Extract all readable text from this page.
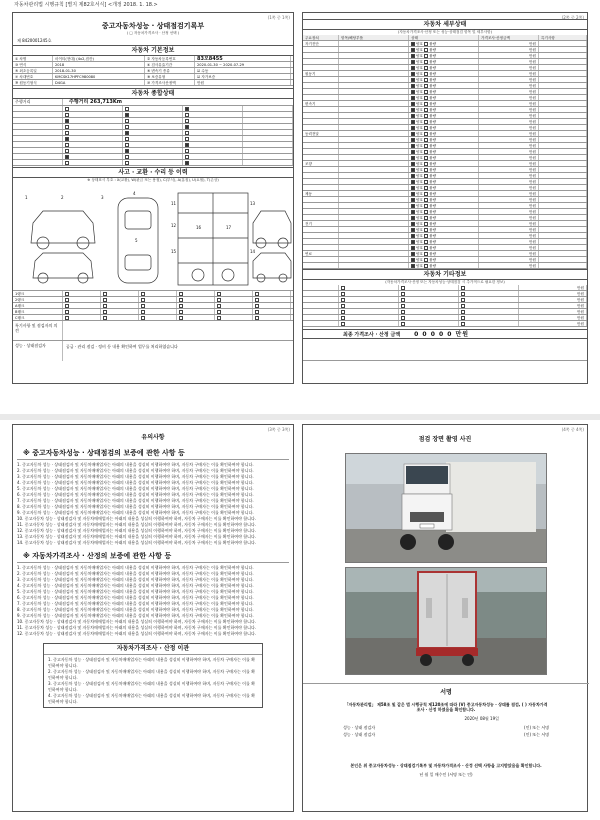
자동차관리법 시행규칙 [별지 제82호서식] <개정 2018. 1. 18.>
(1쪽 중 1쪽)
중고자동차성능 · 상태점검기록부
( □ 자동차가격조사 · 산정 선택 )
제 8420001245호
자동차 기본정보
① 차명	마이티(현대) (4x2,짐칸)	② 자동차등록번호	83모8455
③ 연식	2018	④ 검사유효기간	2020-01-30 ~ 2020-07-29
⑤ 최초등록일	2018-01-30	⑥ 변속기 종류	☑ 수동
⑦ 차대번호	KMCSK17HPFC980080	⑧ 보증유형	☑ 자가보증
⑨ 원동기형식	D4GA	⑩ 가격조사산정액	만원
자동차 종합상태
주행거리	주행거리 263,713Km
사고 · 교환 · 수리 등 이력
※ 상태표시 부호 : X(교환), W(판금 또는 용접), C(부식), A(흠집), U(요철), T(손상)
1	2	3
4
5
11
12
15
16	17
13
14
1랭크
2랭크
A랭크
B랭크
C랭크
특기사항 및 점검자의 의견
성능 · 상태점검자	공급 · 관리 점검 · 정비 등 내용 확인하여 업무를 처리하였습니다
(2쪽 중 2쪽)
자동차 세부상태
(자동차가격조사·산정 또는 성능·상태점검 항목 및 세부사항)
주요장치	항목/해당부품	상태	가격조사·산정금액	특기사항
자기진단	양호 불량	만원
양호 불량	만원
양호 불량	만원
양호 불량	만원
양호 불량	만원
원동기	양호 불량	만원
양호 불량	만원
양호 불량	만원
양호 불량	만원
양호 불량	만원
변속기	양호 불량	만원
양호 불량	만원
양호 불량	만원
양호 불량	만원
양호 불량	만원
동력전달	양호 불량	만원
양호 불량	만원
양호 불량	만원
양호 불량	만원
양호 불량	만원
조향	양호 불량	만원
양호 불량	만원
양호 불량	만원
양호 불량	만원
양호 불량	만원
제동	양호 불량	만원
양호 불량	만원
양호 불량	만원
양호 불량	만원
양호 불량	만원
전기	양호 불량	만원
양호 불량	만원
양호 불량	만원
양호 불량	만원
양호 불량	만원
연료	양호 불량	만원
양호 불량	만원
양호 불량	만원
자동차 기타정보
(자동차가격조사·산정 또는 자동차성능·상태점검 시 추가적으로 필요한 정보)
만원
만원
만원
만원
만원
만원
만원
최종 가격조사 · 산정 금액	0 0 0 0 0 만원
(3쪽 중 3쪽)
유의사항
※ 중고자동차성능 · 상태점검의 보증에 관한 사항 등
1. 중고자동차 성능 · 상태점검자 및 자동차매매업자는 아래의 내용을 성실히 이행하여야 하며, 자동차 구매자는 이를 확인하여야 합니다.
2. 중고자동차 성능 · 상태점검자 및 자동차매매업자는 아래의 내용을 성실히 이행하여야 하며, 자동차 구매자는 이를 확인하여야 합니다.
3. 중고자동차 성능 · 상태점검자 및 자동차매매업자는 아래의 내용을 성실히 이행하여야 하며, 자동차 구매자는 이를 확인하여야 합니다.
4. 중고자동차 성능 · 상태점검자 및 자동차매매업자는 아래의 내용을 성실히 이행하여야 하며, 자동차 구매자는 이를 확인하여야 합니다.
5. 중고자동차 성능 · 상태점검자 및 자동차매매업자는 아래의 내용을 성실히 이행하여야 하며, 자동차 구매자는 이를 확인하여야 합니다.
6. 중고자동차 성능 · 상태점검자 및 자동차매매업자는 아래의 내용을 성실히 이행하여야 하며, 자동차 구매자는 이를 확인하여야 합니다.
7. 중고자동차 성능 · 상태점검자 및 자동차매매업자는 아래의 내용을 성실히 이행하여야 하며, 자동차 구매자는 이를 확인하여야 합니다.
8. 중고자동차 성능 · 상태점검자 및 자동차매매업자는 아래의 내용을 성실히 이행하여야 하며, 자동차 구매자는 이를 확인하여야 합니다.
9. 중고자동차 성능 · 상태점검자 및 자동차매매업자는 아래의 내용을 성실히 이행하여야 하며, 자동차 구매자는 이를 확인하여야 합니다.
10. 중고자동차 성능 · 상태점검자 및 자동차매매업자는 아래의 내용을 성실히 이행하여야 하며, 자동차 구매자는 이를 확인하여야 합니다.
11. 중고자동차 성능 · 상태점검자 및 자동차매매업자는 아래의 내용을 성실히 이행하여야 하며, 자동차 구매자는 이를 확인하여야 합니다.
12. 중고자동차 성능 · 상태점검자 및 자동차매매업자는 아래의 내용을 성실히 이행하여야 하며, 자동차 구매자는 이를 확인하여야 합니다.
13. 중고자동차 성능 · 상태점검자 및 자동차매매업자는 아래의 내용을 성실히 이행하여야 하며, 자동차 구매자는 이를 확인하여야 합니다.
14. 중고자동차 성능 · 상태점검자 및 자동차매매업자는 아래의 내용을 성실히 이행하여야 하며, 자동차 구매자는 이를 확인하여야 합니다.
※ 자동차가격조사 · 산정의 보증에 관한 사항 등
1. 중고자동차 성능 · 상태점검자 및 자동차매매업자는 아래의 내용을 성실히 이행하여야 하며, 자동차 구매자는 이를 확인하여야 합니다.
2. 중고자동차 성능 · 상태점검자 및 자동차매매업자는 아래의 내용을 성실히 이행하여야 하며, 자동차 구매자는 이를 확인하여야 합니다.
3. 중고자동차 성능 · 상태점검자 및 자동차매매업자는 아래의 내용을 성실히 이행하여야 하며, 자동차 구매자는 이를 확인하여야 합니다.
4. 중고자동차 성능 · 상태점검자 및 자동차매매업자는 아래의 내용을 성실히 이행하여야 하며, 자동차 구매자는 이를 확인하여야 합니다.
5. 중고자동차 성능 · 상태점검자 및 자동차매매업자는 아래의 내용을 성실히 이행하여야 하며, 자동차 구매자는 이를 확인하여야 합니다.
6. 중고자동차 성능 · 상태점검자 및 자동차매매업자는 아래의 내용을 성실히 이행하여야 하며, 자동차 구매자는 이를 확인하여야 합니다.
7. 중고자동차 성능 · 상태점검자 및 자동차매매업자는 아래의 내용을 성실히 이행하여야 하며, 자동차 구매자는 이를 확인하여야 합니다.
8. 중고자동차 성능 · 상태점검자 및 자동차매매업자는 아래의 내용을 성실히 이행하여야 하며, 자동차 구매자는 이를 확인하여야 합니다.
9. 중고자동차 성능 · 상태점검자 및 자동차매매업자는 아래의 내용을 성실히 이행하여야 하며, 자동차 구매자는 이를 확인하여야 합니다.
10. 중고자동차 성능 · 상태점검자 및 자동차매매업자는 아래의 내용을 성실히 이행하여야 하며, 자동차 구매자는 이를 확인하여야 합니다.
11. 중고자동차 성능 · 상태점검자 및 자동차매매업자는 아래의 내용을 성실히 이행하여야 하며, 자동차 구매자는 이를 확인하여야 합니다.
12. 중고자동차 성능 · 상태점검자 및 자동차매매업자는 아래의 내용을 성실히 이행하여야 하며, 자동차 구매자는 이를 확인하여야 합니다.
자동차가격조사 · 산정 이관
1. 중고자동차 성능 · 상태점검자 및 자동차매매업자는 아래의 내용을 성실히 이행하여야 하며, 자동차 구매자는 이를 확인하여야 합니다.
2. 중고자동차 성능 · 상태점검자 및 자동차매매업자는 아래의 내용을 성실히 이행하여야 하며, 자동차 구매자는 이를 확인하여야 합니다.
3. 중고자동차 성능 · 상태점검자 및 자동차매매업자는 아래의 내용을 성실히 이행하여야 하며, 자동차 구매자는 이를 확인하여야 합니다.
4. 중고자동차 성능 · 상태점검자 및 자동차매매업자는 아래의 내용을 성실히 이행하여야 하며, 자동차 구매자는 이를 확인하여야 합니다.
(4쪽 중 4쪽)
점검 장면 촬영 사진
서명
「자동차관리법」 제58조 및 같은 법 시행규칙 제120조에 따라 (V) 중고자동차성능 · 상태를 점검, ( ) 자동차가격조사 · 산정 하였음을 확인합니다.
2020년 08월 19일
성능 · 상태 점검자	(인) 또는 서명
성능 · 상태 점검자	(인) 또는 서명
본인은 위 중고자동차성능 · 상태점검기록부 및 자동차가격조사 · 산정 선택 사항을 고지받았음을 확인합니다.
년 월 일 매수인 (서명 또는 인)
